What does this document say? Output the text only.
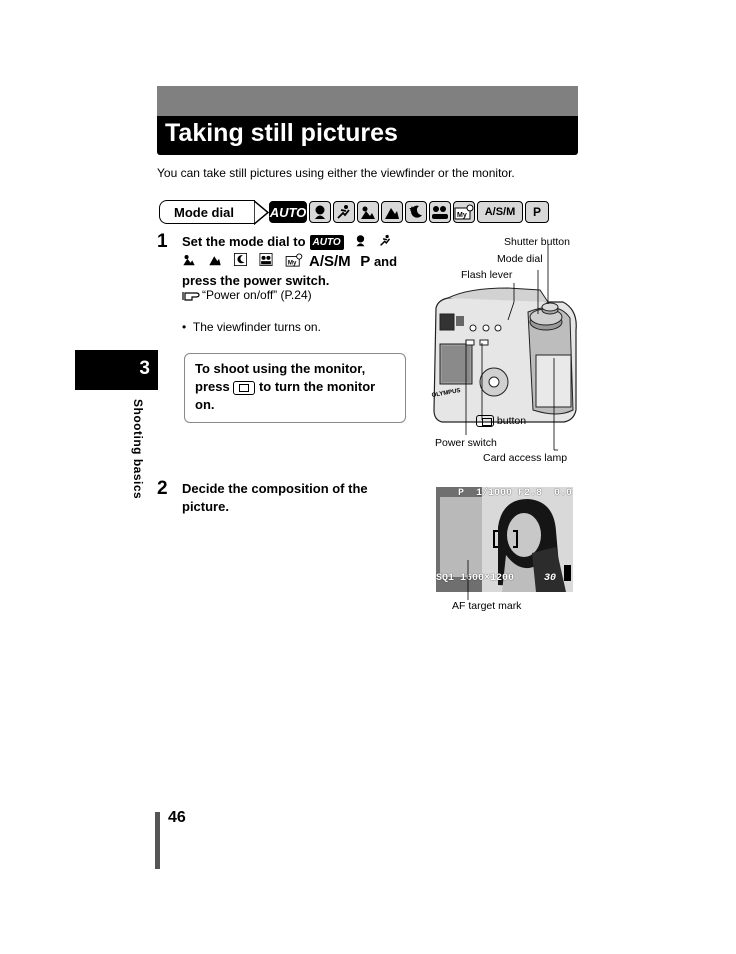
Taking still pictures
You can take still pictures using either the viewfinder or the monitor.
Mode dial	AUTO	My	A/S/M	P
1 Set the mode dial to AUTO
My A/S/M P and
press the power switch.
“Power on/off” (P.24)
•  The viewfinder turns on.
To shoot using the monitor,
press to turn the monitor
on.
2 Decide the composition of the picture.
3
Shooting basics
OLYMPUS
Shutter button
Mode dial
Flash lever
button
Power switch
Card access lamp
P  1/1000 F2.8  0.0
SQ1 1600×1200	30
AF target mark
46
